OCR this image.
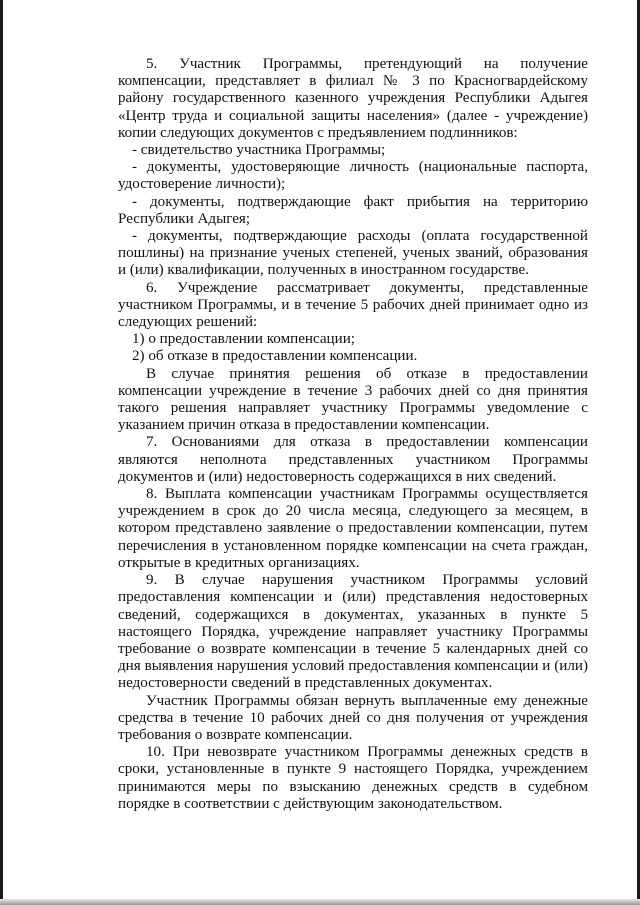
5. Участник Программы, претендующий на получение компенсации, представляет в филиал № 3 по Красногвардейскому району государственного казенного учреждения Республики Адыгея «Центр труда и социальной защиты населения» (далее - учреждение) копии следующих документов с предъявлением подлинников:

- свидетельство участника Программы;

- документы, удостоверяющие личность (национальные паспорта, удостоверение личности);

- документы, подтверждающие факт прибытия на территорию Республики Адыгея;

- документы, подтверждающие расходы (оплата государственной пошлины) на признание ученых степеней, ученых званий, образования и (или) квалификации, полученных в иностранном государстве.

6. Учреждение рассматривает документы, представленные участником Программы, и в течение 5 рабочих дней принимает одно из следующих решений:

1) о предоставлении компенсации;

2) об отказе в предоставлении компенсации.

В случае принятия решения об отказе в предоставлении компенсации учреждение в течение 3 рабочих дней со дня принятия такого решения направляет участнику Программы уведомление с указанием причин отказа в предоставлении компенсации.

7. Основаниями для отказа в предоставлении компенсации являются неполнота представленных участником Программы документов и (или) недостоверность содержащихся в них сведений.

8. Выплата компенсации участникам Программы осуществляется учреждением в срок до 20 числа месяца, следующего за месяцем, в котором представлено заявление о предоставлении компенсации, путем перечисления в установленном порядке компенсации на счета граждан, открытые в кредитных организациях.

9. В случае нарушения участником Программы условий предоставления компенсации и (или) представления недостоверных сведений, содержащихся в документах, указанных в пункте 5 настоящего Порядка, учреждение направляет участнику Программы требование о возврате компенсации в течение 5 календарных дней со дня выявления нарушения условий предоставления компенсации и (или) недостоверности сведений в представленных документах.

Участник Программы обязан вернуть выплаченные ему денежные средства в течение 10 рабочих дней со дня получения от учреждения требования о возврате компенсации.

10. При невозврате участником Программы денежных средств в сроки, установленные в пункте 9 настоящего Порядка, учреждением принимаются меры по взысканию денежных средств в судебном порядке в соответствии с действующим законодательством.
